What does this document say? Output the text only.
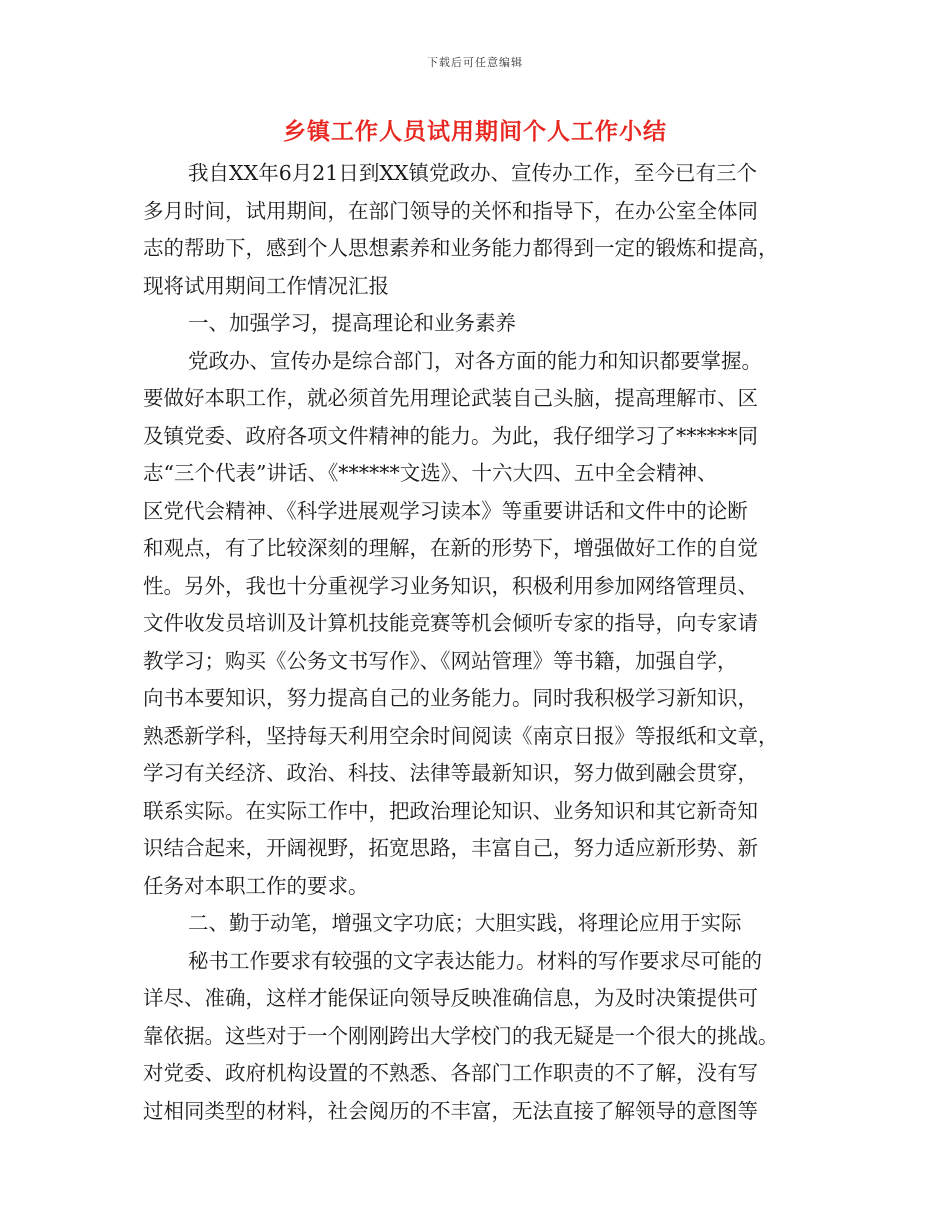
下载后可任意编辑
乡镇工作人员试用期间个人工作小结
我自XX年6月21日到XX镇党政办、宣传办工作，至今已有三个
多月时间，试用期间，在部门领导的关怀和指导下，在办公室全体同
志的帮助下，感到个人思想素养和业务能力都得到一定的锻炼和提高，
现将试用期间工作情况汇报
一、加强学习，提高理论和业务素养
党政办、宣传办是综合部门，对各方面的能力和知识都要掌握。
要做好本职工作，就必须首先用理论武装自己头脑，提高理解市、区
及镇党委、政府各项文件精神的能力。为此，我仔细学习了******同
志“三个代表”讲话、《******文选》、十六大四、五中全会精神、
区党代会精神、《科学进展观学习读本》等重要讲话和文件中的论断
和观点，有了比较深刻的理解，在新的形势下，增强做好工作的自觉
性。另外，我也十分重视学习业务知识，积极利用参加网络管理员、
文件收发员培训及计算机技能竞赛等机会倾听专家的指导，向专家请
教学习；购买《公务文书写作》、《网站管理》等书籍，加强自学，
向书本要知识，努力提高自己的业务能力。同时我积极学习新知识，
熟悉新学科，坚持每天利用空余时间阅读《南京日报》等报纸和文章，
学习有关经济、政治、科技、法律等最新知识，努力做到融会贯穿，
联系实际。在实际工作中，把政治理论知识、业务知识和其它新奇知
识结合起来，开阔视野，拓宽思路，丰富自己，努力适应新形势、新
任务对本职工作的要求。
二、勤于动笔，增强文字功底；大胆实践，将理论应用于实际
秘书工作要求有较强的文字表达能力。材料的写作要求尽可能的
详尽、准确，这样才能保证向领导反映准确信息，为及时决策提供可
靠依据。这些对于一个刚刚跨出大学校门的我无疑是一个很大的挑战。
对党委、政府机构设置的不熟悉、各部门工作职责的不了解，没有写
过相同类型的材料，社会阅历的不丰富，无法直接了解领导的意图等
